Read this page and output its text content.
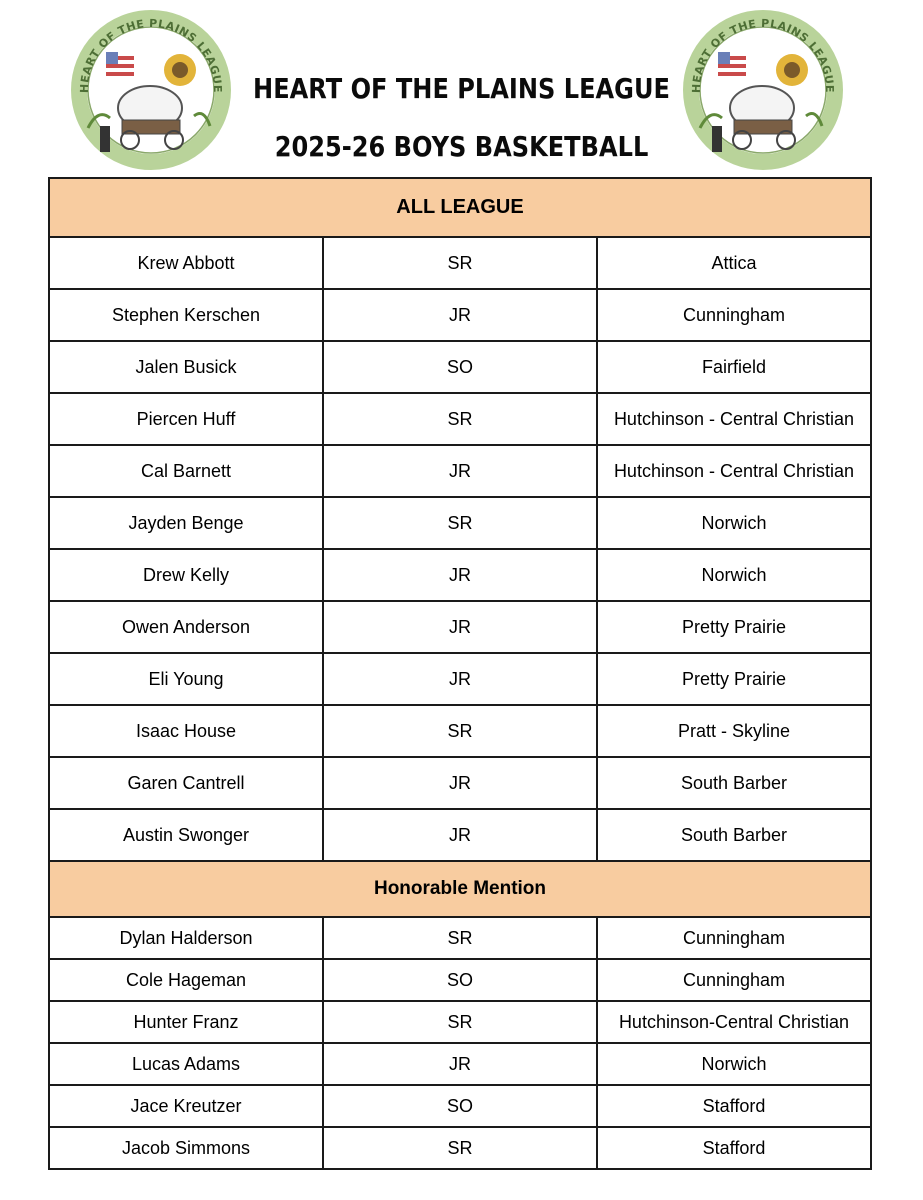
HEART OF THE PLAINS LEAGUE	HEART OF THE PLAINS LEAGUE
HEART OF THE PLAINS LEAGUE
2025-26 BOYS BASKETBALL
ALL LEAGUE		
Krew Abbott	SR	Attica
Stephen Kerschen	JR	Cunningham
Jalen Busick	SO	Fairfield
Piercen Huff	SR	Hutchinson - Central Christian
Cal Barnett	JR	Hutchinson - Central Christian
Jayden Benge	SR	Norwich
Drew Kelly	JR	Norwich
Owen Anderson	JR	Pretty Prairie
Eli Young	JR	Pretty Prairie
Isaac House	SR	Pratt - Skyline
Garen Cantrell	JR	South Barber
Austin Swonger	JR	South Barber
Honorable Mention		
Dylan Halderson	SR	Cunningham
Cole Hageman	SO	Cunningham
Hunter Franz	SR	Hutchinson-Central Christian
Lucas Adams	JR	Norwich
Jace Kreutzer	SO	Stafford
Jacob Simmons	SR	Stafford
